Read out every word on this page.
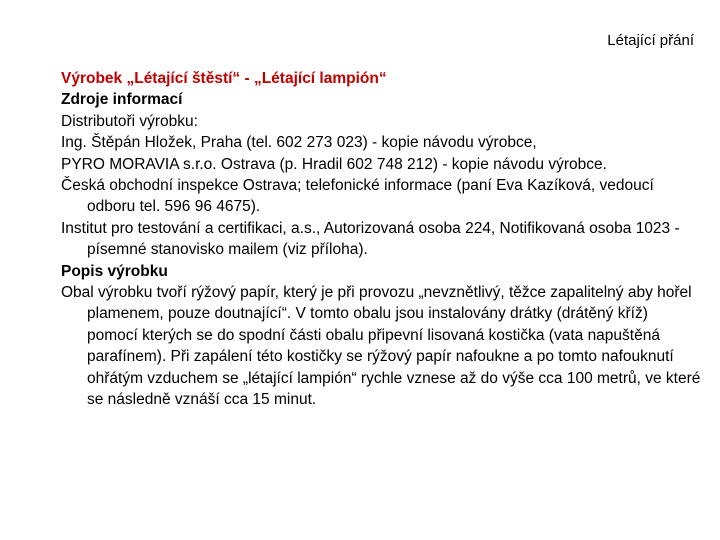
Létající přání

Výrobek „Létající štěstí“ - „Létající lampión“

Zdroje informací

Distributoři výrobku:

Ing. Štěpán Hložek, Praha (tel. 602 273 023) - kopie návodu výrobce,

PYRO MORAVIA s.r.o. Ostrava (p. Hradil 602 748 212) - kopie návodu výrobce.

Česká obchodní inspekce Ostrava; telefonické informace (paní Eva Kazíková, vedoucí odboru tel. 596 96 4675).

Institut pro testování a certifikaci, a.s., Autorizovaná osoba 224, Notifikovaná osoba 1023 - písemné stanovisko mailem (viz příloha).

Popis výrobku

Obal výrobku tvoří rýžový papír, který je při provozu „nevznětlivý, těžce zapalitelný aby hořel plamenem, pouze doutnající“. V tomto obalu jsou instalovány drátky (drátěný kříž) pomocí kterých se do spodní části obalu připevní lisovaná kostička (vata napuštěná parafínem). Při zapálení této kostičky se rýžový papír nafoukne a po tomto nafouknutí ohřátým vzduchem se „létající lampión“ rychle vznese až do výše cca 100 metrů, ve které se následně vznáší cca 15 minut.
